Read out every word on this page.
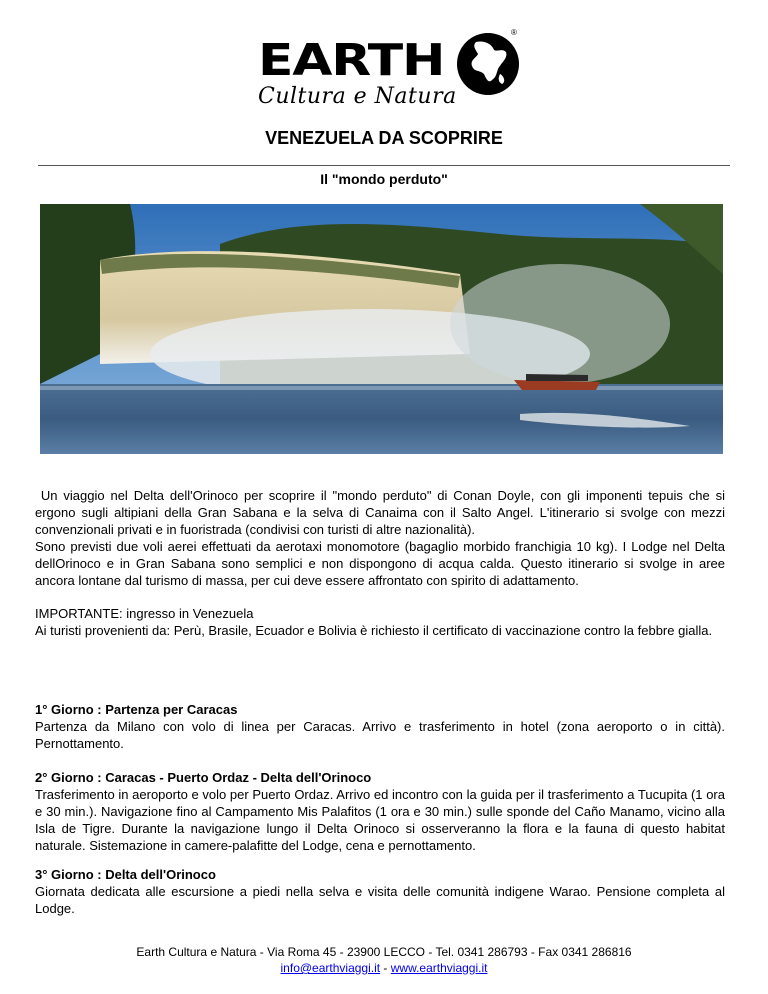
EARTH
®
Cultura e Natura
VENEZUELA DA SCOPRIRE
Il "mondo perduto"

Un viaggio nel Delta dell'Orinoco per scoprire il "mondo perduto" di Conan Doyle, con gli imponenti tepuis che si ergono sugli altipiani della Gran Sabana e la selva di Canaima con il Salto Angel. L'itinerario si svolge con mezzi convenzionali privati e in fuoristrada (condivisi con turisti di altre nazionalità).

Sono previsti due voli aerei effettuati da aerotaxi monomotore (bagaglio morbido franchigia 10 kg). I Lodge nel Delta dellOrinoco e in Gran Sabana sono semplici e non dispongono di acqua calda. Questo itinerario si svolge in aree ancora lontane dal turismo di massa, per cui deve essere affrontato con spirito di adattamento.

IMPORTANTE: ingresso in Venezuela

Ai turisti provenienti da: Perù, Brasile, Ecuador e Bolivia è richiesto il certificato di vaccinazione contro la febbre gialla.

1° Giorno : Partenza per Caracas

Partenza da Milano con volo di linea per Caracas. Arrivo e trasferimento in hotel (zona aeroporto o in città). Pernottamento.

2° Giorno : Caracas - Puerto Ordaz - Delta dell'Orinoco

Trasferimento in aeroporto e volo per Puerto Ordaz. Arrivo ed incontro con la guida per il trasferimento a Tucupita (1 ora e 30 min.). Navigazione fino al Campamento Mis Palafitos (1 ora e 30 min.) sulle sponde del Caño Manamo, vicino alla Isla de Tigre. Durante la navigazione lungo il Delta Orinoco si osserveranno la flora e la fauna di questo habitat naturale. Sistemazione in camere-palafitte del Lodge, cena e pernottamento.

3° Giorno : Delta dell'Orinoco

Giornata dedicata alle escursione a piedi nella selva e visita delle comunità indigene Warao. Pensione completa al Lodge.

Earth Cultura e Natura - Via Roma 45 - 23900 LECCO - Tel. 0341 286793 - Fax 0341 286816
info@earthviaggi.it - www.earthviaggi.it
